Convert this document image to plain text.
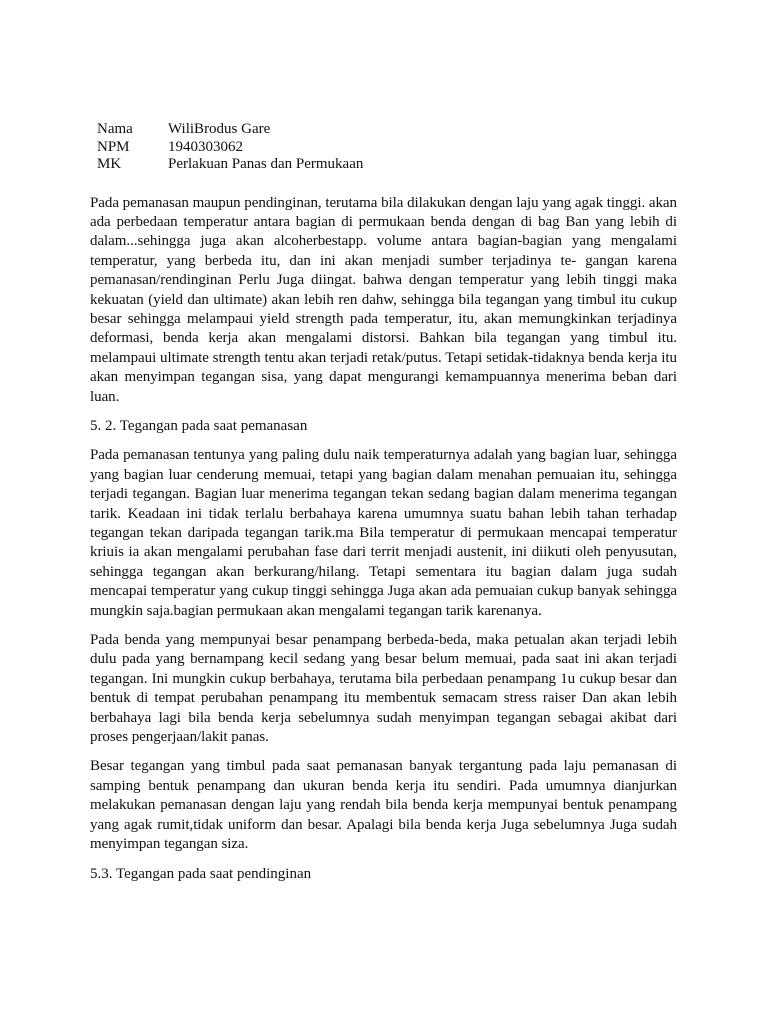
Nama	WiliBrodus Gare
NPM	1940303062
MK	Perlakuan Panas dan Permukaan

Pada pemanasan maupun pendinginan, terutama bila dilakukan dengan laju yang agak tinggi. akan ada perbedaan temperatur antara bagian di permukaan benda dengan di bag Ban yang lebih di dalam...sehingga juga akan alcoherbestapp. volume antara bagian-bagian yang mengalami temperatur, yang berbeda itu, dan ini akan menjadi sumber terjadinya te- gangan karena pemanasan/rendinginan Perlu Juga diingat. bahwa dengan temperatur yang lebih tinggi maka kekuatan (yield dan ultimate) akan lebih ren dahw, sehingga bila tegangan yang timbul itu cukup besar sehingga melampaui yield strength pada temperatur, itu, akan memungkinkan terjadinya deformasi, benda kerja akan mengalami distorsi. Bahkan bila tegangan yang timbul itu. melampaui ultimate strength tentu akan terjadi retak/putus. Tetapi setidak-tidaknya benda kerja itu akan menyimpan tegangan sisa, yang dapat mengurangi kemampuannya menerima beban dari luan.

5. 2. Tegangan pada saat pemanasan

Pada pemanasan tentunya yang paling dulu naik temperaturnya adalah yang bagian luar, sehingga yang bagian luar cenderung memuai, tetapi yang bagian dalam menahan pemuaian itu, sehingga terjadi tegangan. Bagian luar menerima tegangan tekan sedang bagian dalam menerima tegangan tarik. Keadaan ini tidak terlalu berbahaya karena umumnya suatu bahan lebih tahan terhadap tegangan tekan daripada tegangan tarik.ma Bila temperatur di permukaan mencapai temperatur kriuis ia akan mengalami perubahan fase dari territ menjadi austenit, ini diikuti oleh penyusutan, sehingga tegangan akan berkurang/hilang. Tetapi sementara itu bagian dalam juga sudah mencapai temperatur yang cukup tinggi sehingga Juga akan ada pemuaian cukup banyak sehingga mungkin saja.bagian permukaan akan mengalami tegangan tarik karenanya.

Pada benda yang mempunyai besar penampang berbeda-beda, maka petualan akan terjadi lebih dulu pada yang bernampang kecil sedang yang besar belum memuai, pada saat ini akan terjadi tegangan. Ini mungkin cukup berbahaya, terutama bila perbedaan penampang 1u cukup besar dan bentuk di tempat perubahan penampang itu membentuk semacam stress raiser Dan akan lebih berbahaya lagi bila benda kerja sebelumnya sudah menyimpan tegangan sebagai akibat dari proses pengerjaan/lakit panas.

Besar tegangan yang timbul pada saat pemanasan banyak tergantung pada laju pemanasan di samping bentuk penampang dan ukuran benda kerja itu sendiri. Pada umumnya dianjurkan melakukan pemanasan dengan laju yang rendah bila benda kerja mempunyai bentuk penampang yang agak rumit,tidak uniform dan besar. Apalagi bila benda kerja Juga sebelumnya Juga sudah menyimpan tegangan siza.

5.3. Tegangan pada saat pendinginan
